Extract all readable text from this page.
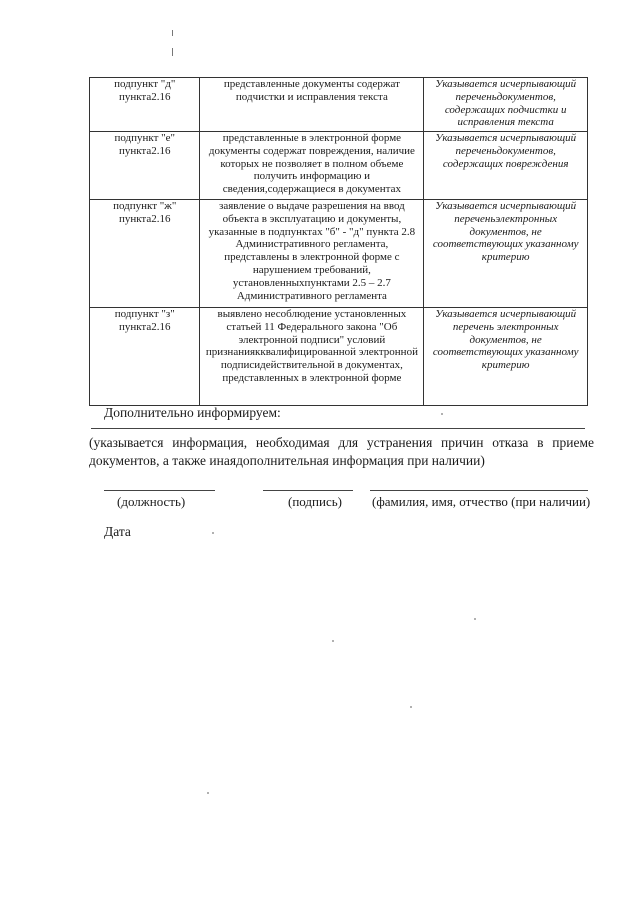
подпункт "д"
пункта2.16	представленные документы содержат подчистки и исправления текста	Указывается исчерпывающий переченьдокументов, содержащих подчистки и исправления текста

подпункт "е"
пункта2.16	представленные в электронной форме документы содержат повреждения, наличие которых не позволяет в полном объеме получить информацию и сведения,содержащиеся в документах	Указывается исчерпывающий переченьдокументов, содержащих повреждения

подпункт "ж"
пункта2.16	заявление о выдаче разрешения на ввод объекта в эксплуатацию и документы, указанные в подпунктах "б" - "д" пункта 2.8 Административного регламента, представлены в электронной форме с нарушением требований, установленныхпунктами 2.5 – 2.7 Административного регламента	Указывается исчерпывающий переченьэлектронных документов, не соответствующих указанному критерию

подпункт "з"
пункта2.16	выявлено несоблюдение установленных статьей 11 Федерального закона "Об электронной подписи" условий признаниякквалифицированной электронной подписидействительной в документах, представленных в электронной форме	Указывается исчерпывающий перечень электронных документов, не соответствующих указанному критерию
Дополнительно информируем:
(указывается информация, необходимая для устранения причин отказа в приеме документов, а также инаядополнительная информация при наличии)
(должность)	(подпись) (фамилия, имя, отчество (при наличии)
Дата
